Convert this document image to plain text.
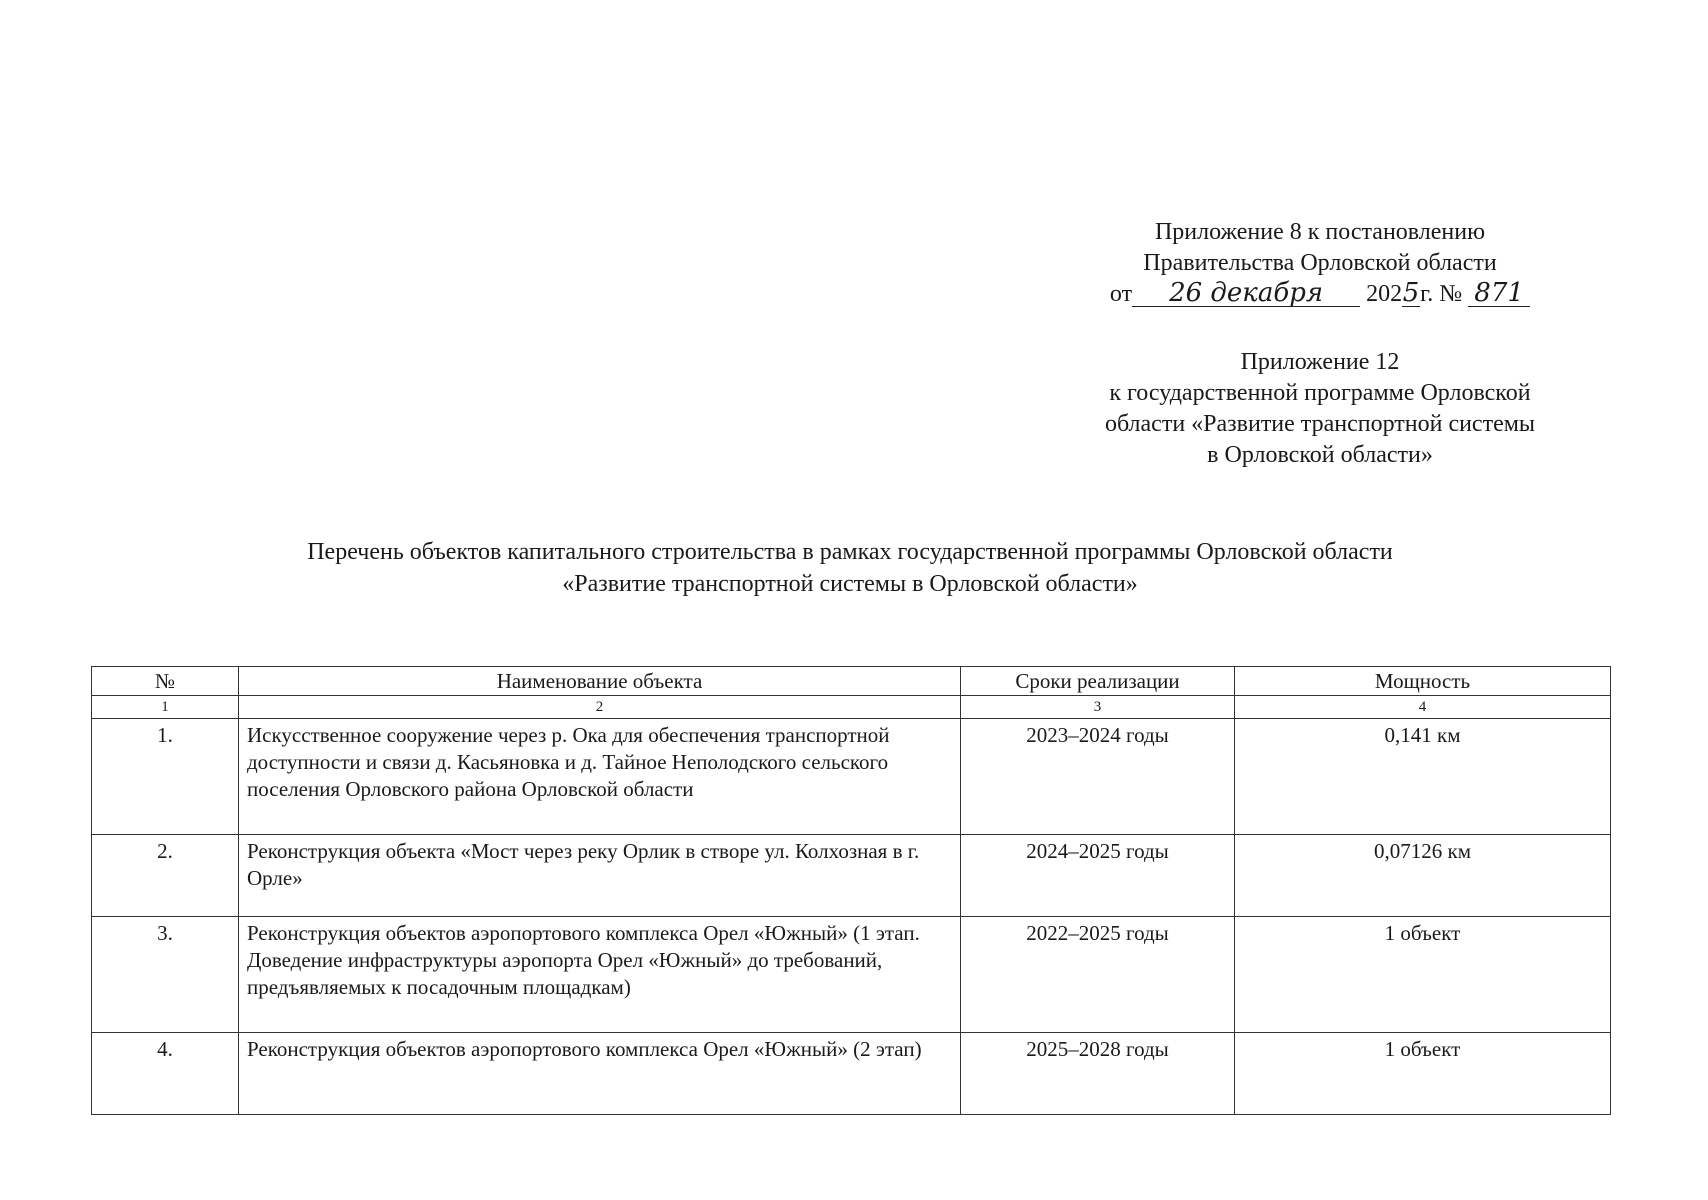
Приложение 8 к постановлению
Правительства Орловской области
от 26 декабря 2025г. № 871
Приложение 12
к государственной программе Орловской
области «Развитие транспортной системы
в Орловской области»
Перечень объектов капитального строительства в рамках государственной программы Орловской области
«Развитие транспортной системы в Орловской области»
№	Наименование объекта	Сроки реализации	Мощность
1	2	3	4
1.	Искусственное сооружение через р. Ока для обеспечения транспортной доступности и связи д. Касьяновка и д. Тайное Неполодского сельского поселения Орловского района Орловской области	2023–2024 годы	0,141 км
2.	Реконструкция объекта «Мост через реку Орлик в створе ул. Колхозная в г. Орле»	2024–2025 годы	0,07126 км
3.	Реконструкция объектов аэропортового комплекса Орел «Южный» (1 этап. Доведение инфраструктуры аэропорта Орел «Южный» до требований, предъявляемых к посадочным площадкам)	2022–2025 годы	1 объект
4.	Реконструкция объектов аэропортового комплекса Орел «Южный» (2 этап)	2025–2028 годы	1 объект
